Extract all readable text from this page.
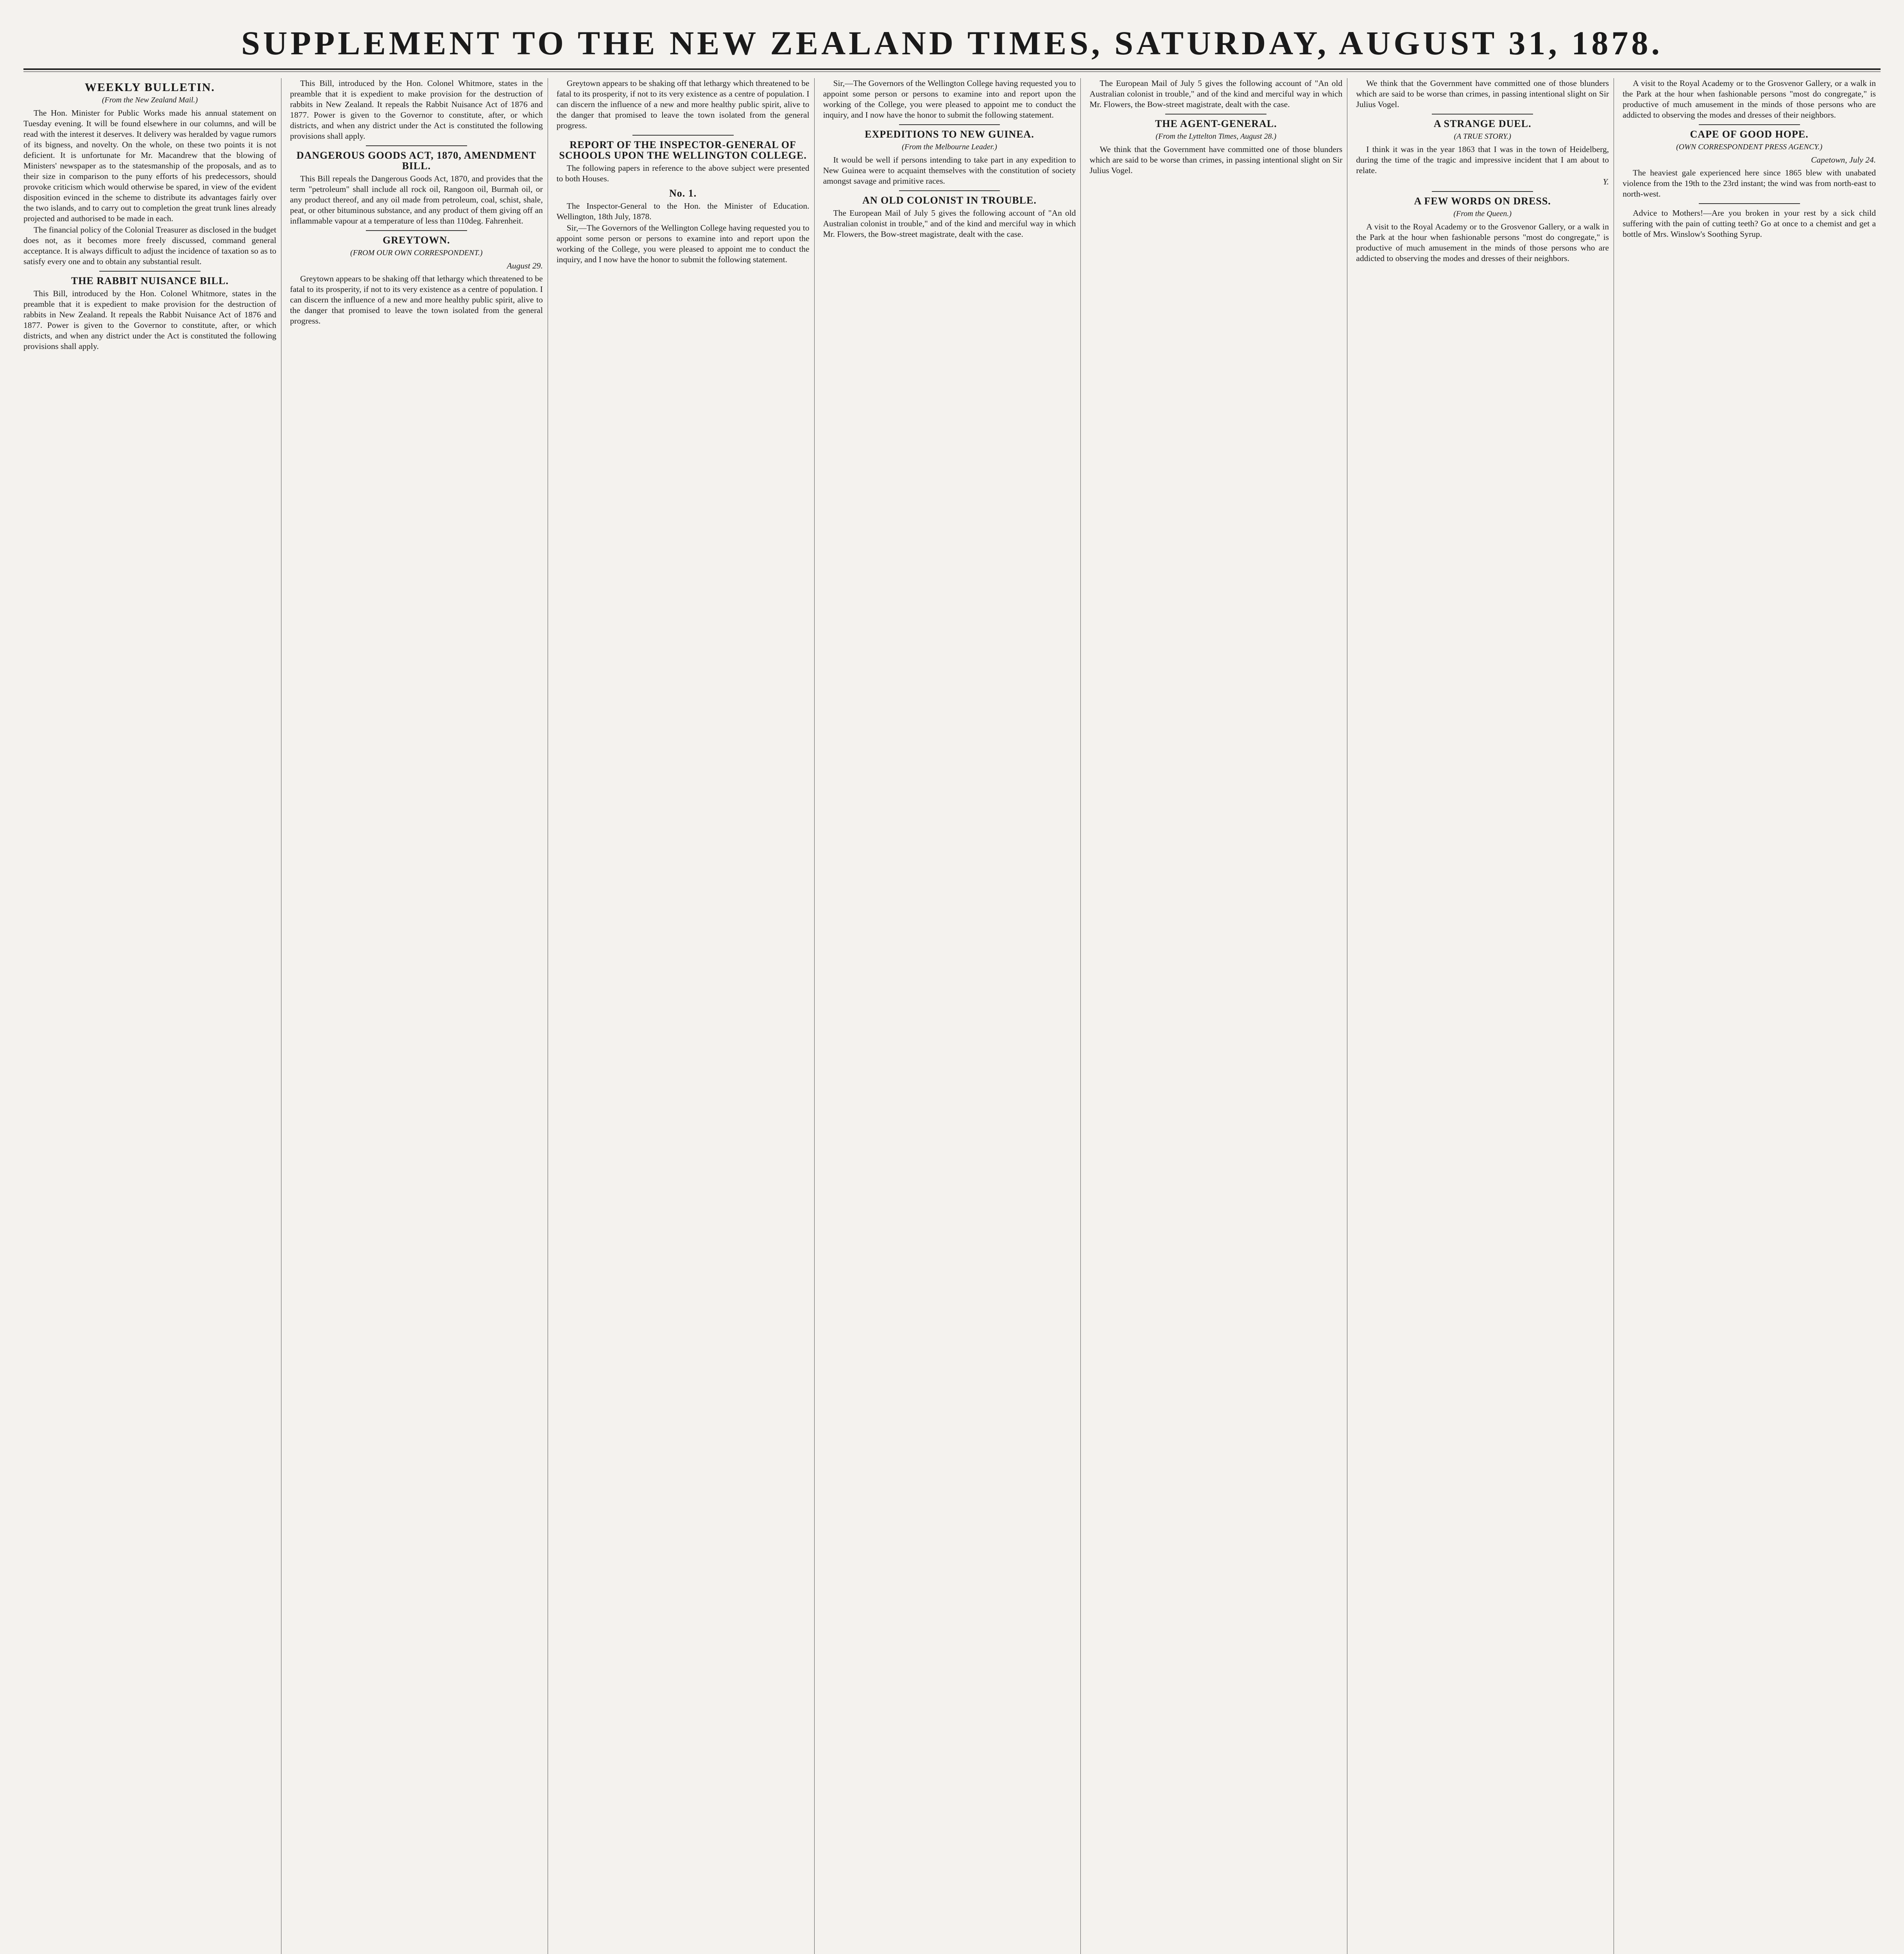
SUPPLEMENT TO THE NEW ZEALAND TIMES, SATURDAY, AUGUST 31, 1878.
WEEKLY BULLETIN.
(From the New Zealand Mail.)

The Hon. Minister for Public Works made his annual statement on Tuesday evening. It will be found elsewhere in our columns, and will be read with the interest it deserves. It delivery was heralded by vague rumors of its bigness, and novelty. On the whole, on these two points it is not deficient. It is unfortunate for Mr. Macandrew that the blowing of Ministers' newspaper as to the statesmanship of the proposals, and as to their size in comparison to the puny efforts of his predecessors, should provoke criticism which would otherwise be spared, in view of the evident disposition evinced in the scheme to distribute its advantages fairly over the two islands, and to carry out to completion the great trunk lines already projected and authorised to be made in each.

The financial policy of the Colonial Treasurer as disclosed in the budget does not, as it becomes more freely discussed, command general acceptance. It is always difficult to adjust the incidence of taxation so as to satisfy every one and to obtain any substantial result.

THE RABBIT NUISANCE BILL.

This Bill, introduced by the Hon. Colonel Whitmore, states in the preamble that it is expedient to make provision for the destruction of rabbits in New Zealand. It repeals the Rabbit Nuisance Act of 1876 and 1877. Power is given to the Governor to constitute, after, or which districts, and when any district under the Act is constituted the following provisions shall apply.

This Bill, introduced by the Hon. Colonel Whitmore, states in the preamble that it is expedient to make provision for the destruction of rabbits in New Zealand. It repeals the Rabbit Nuisance Act of 1876 and 1877. Power is given to the Governor to constitute, after, or which districts, and when any district under the Act is constituted the following provisions shall apply.

DANGEROUS GOODS ACT, 1870, AMENDMENT BILL.

This Bill repeals the Dangerous Goods Act, 1870, and provides that the term "petroleum" shall include all rock oil, Rangoon oil, Burmah oil, or any product thereof, and any oil made from petroleum, coal, schist, shale, peat, or other bituminous substance, and any product of them giving off an inflammable vapour at a temperature of less than 110deg. Fahrenheit.

GREYTOWN.
(FROM OUR OWN CORRESPONDENT.)
August 29.

Greytown appears to be shaking off that lethargy which threatened to be fatal to its prosperity, if not to its very existence as a centre of population. I can discern the influence of a new and more healthy public spirit, alive to the danger that promised to leave the town isolated from the general progress.

Greytown appears to be shaking off that lethargy which threatened to be fatal to its prosperity, if not to its very existence as a centre of population. I can discern the influence of a new and more healthy public spirit, alive to the danger that promised to leave the town isolated from the general progress.

REPORT OF THE INSPECTOR-GENERAL OF SCHOOLS UPON THE WELLINGTON COLLEGE.

The following papers in reference to the above subject were presented to both Houses.

No. 1.

The Inspector-General to the Hon. the Minister of Education. Wellington, 18th July, 1878.

Sir,—The Governors of the Wellington College having requested you to appoint some person or persons to examine into and report upon the working of the College, you were pleased to appoint me to conduct the inquiry, and I now have the honor to submit the following statement.

Sir,—The Governors of the Wellington College having requested you to appoint some person or persons to examine into and report upon the working of the College, you were pleased to appoint me to conduct the inquiry, and I now have the honor to submit the following statement.

EXPEDITIONS TO NEW GUINEA.
(From the Melbourne Leader.)

It would be well if persons intending to take part in any expedition to New Guinea were to acquaint themselves with the constitution of society amongst savage and primitive races.

AN OLD COLONIST IN TROUBLE.

The European Mail of July 5 gives the following account of "An old Australian colonist in trouble," and of the kind and merciful way in which Mr. Flowers, the Bow-street magistrate, dealt with the case.

The European Mail of July 5 gives the following account of "An old Australian colonist in trouble," and of the kind and merciful way in which Mr. Flowers, the Bow-street magistrate, dealt with the case.

THE AGENT-GENERAL.
(From the Lyttelton Times, August 28.)

We think that the Government have committed one of those blunders which are said to be worse than crimes, in passing intentional slight on Sir Julius Vogel.

We think that the Government have committed one of those blunders which are said to be worse than crimes, in passing intentional slight on Sir Julius Vogel.

A STRANGE DUEL.
(A TRUE STORY.)

I think it was in the year 1863 that I was in the town of Heidelberg, during the time of the tragic and impressive incident that I am about to relate.

Y.
A FEW WORDS ON DRESS.
(From the Queen.)

A visit to the Royal Academy or to the Grosvenor Gallery, or a walk in the Park at the hour when fashionable persons "most do congregate," is productive of much amusement in the minds of those persons who are addicted to observing the modes and dresses of their neighbors.

A visit to the Royal Academy or to the Grosvenor Gallery, or a walk in the Park at the hour when fashionable persons "most do congregate," is productive of much amusement in the minds of those persons who are addicted to observing the modes and dresses of their neighbors.

CAPE OF GOOD HOPE.
(OWN CORRESPONDENT PRESS AGENCY.)
Capetown, July 24.

The heaviest gale experienced here since 1865 blew with unabated violence from the 19th to the 23rd instant; the wind was from north-east to north-west.

Advice to Mothers!—Are you broken in your rest by a sick child suffering with the pain of cutting teeth? Go at once to a chemist and get a bottle of Mrs. Winslow's Soothing Syrup.
